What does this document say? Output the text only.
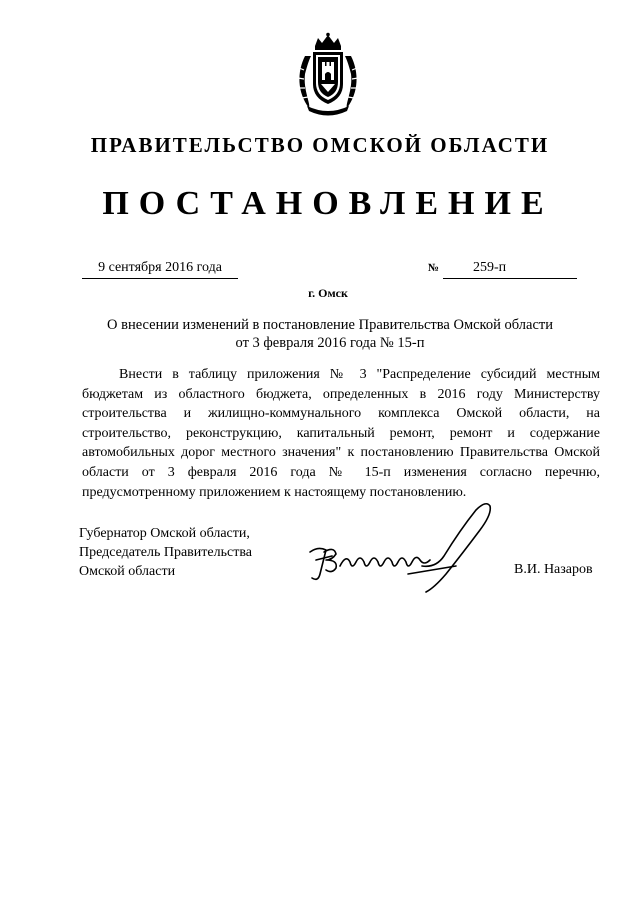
ПРАВИТЕЛЬСТВО ОМСКОЙ ОБЛАСТИ
ПОСТАНОВЛЕНИЕ
9 сентября 2016 года	№	259-п
г. Омск
О внесении изменений в постановление Правительства Омской области
от 3 февраля 2016 года № 15-п
Внести в таблицу приложения № 3 "Распределение субсидий местным бюджетам из областного бюджета, определенных в 2016 году Министерству строительства и жилищно-коммунального комплекса Омской области, на строительство, реконструкцию, капитальный ремонт, ремонт и содержание автомобильных дорог местного значения" к постановлению Правительства Омской области от 3 февраля 2016 года № 15-п изменения согласно перечню, предусмотренному приложением к настоящему постановлению.
Губернатор Омской области,
Председатель Правительства
Омской области	В.И. Назаров
